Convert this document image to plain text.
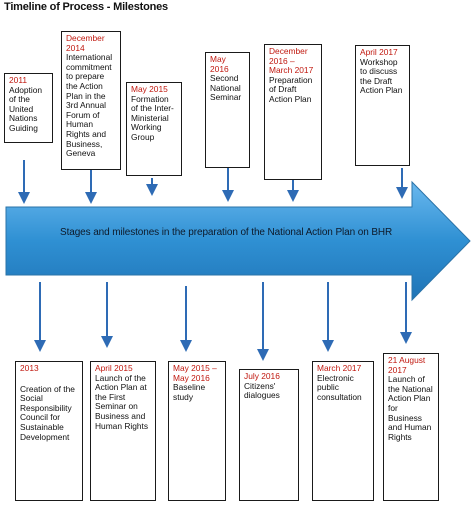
Timeline of Process - Milestones
Stages and milestones in the preparation of the National Action Plan on BHR
2011
Adoption of the United Nations Guiding
December 2014
International commitment to prepare the Action Plan in the 3rd Annual Forum of Human Rights and Business, Geneva
May 2015
Formation of the Inter-Ministerial Working Group
May 2016
Second National Seminar
December 2016 – March 2017
Preparation of Draft Action Plan
April 2017
Workshop to discuss the Draft Action Plan
2013
Creation of the Social Responsibility Council for Sustainable Development
April 2015
Launch of the Action Plan at the First Seminar on Business and Human Rights
May 2015 – May 2016
Baseline study
July 2016
Citizens' dialogues
March 2017
Electronic public consultation
21 August 2017
Launch of the National Action Plan for Business and Human Rights
